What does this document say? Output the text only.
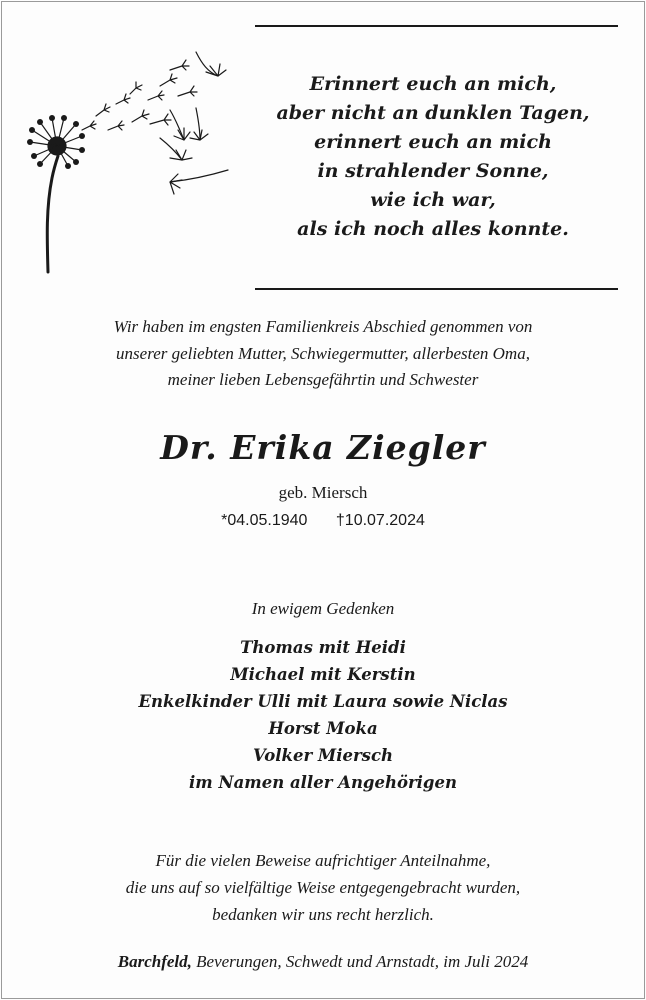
Erinnert euch an mich,
aber nicht an dunklen Tagen,
erinnert euch an mich
in strahlender Sonne,
wie ich war,
als ich noch alles konnte.
Wir haben im engsten Familienkreis Abschied genommen von
unserer geliebten Mutter, Schwiegermutter, allerbesten Oma,
meiner lieben Lebensgefährtin und Schwester
Dr. Erika Ziegler
geb. Miersch
*04.05.1940 †10.07.2024
In ewigem Gedenken
Thomas mit Heidi
Michael mit Kerstin
Enkelkinder Ulli mit Laura sowie Niclas
Horst Moka
Volker Miersch
im Namen aller Angehörigen
Für die vielen Beweise aufrichtiger Anteilnahme,
die uns auf so vielfältige Weise entgegengebracht wurden,
bedanken wir uns recht herzlich.
Barchfeld, Beverungen, Schwedt und Arnstadt, im Juli 2024
